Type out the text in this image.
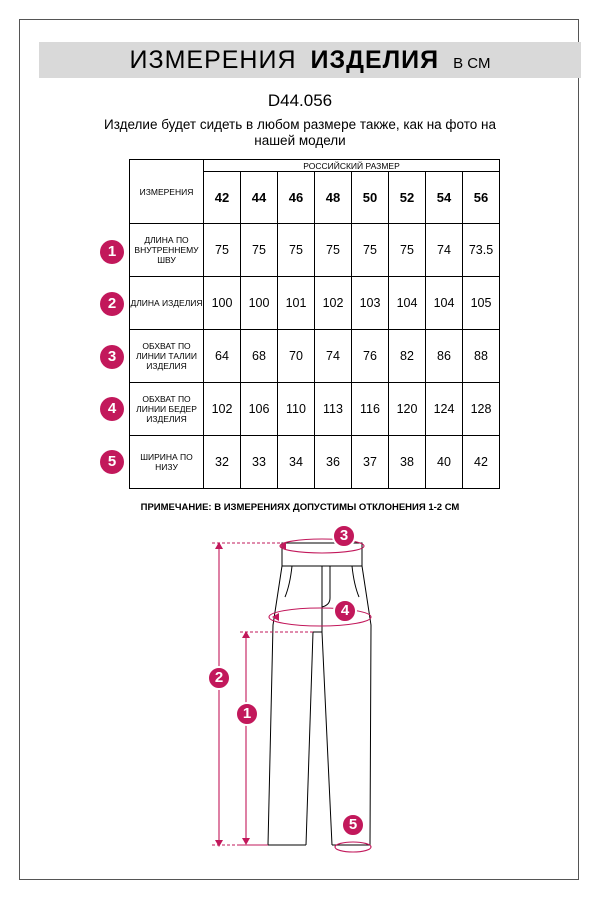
ИЗМЕРЕНИЯ ИЗДЕЛИЯ В СМ
D44.056
Изделие будет сидеть в любом размере также, как на фото на нашей модели
ИЗМЕРЕНИЯ	РОССИЙСКИЙ РАЗМЕР							
	42	44	46	48	50	52	54	56
ДЛИНА ПО ВНУТРЕННЕМУ ШВУ	75	75	75	75	75	75	74	73.5
ДЛИНА ИЗДЕЛИЯ	100	100	101	102	103	104	104	105
ОБХВАТ ПО ЛИНИИ ТАЛИИ ИЗДЕЛИЯ	64	68	70	74	76	82	86	88
ОБХВАТ ПО ЛИНИИ БЕДЕР ИЗДЕЛИЯ	102	106	110	113	116	120	124	128
ШИРИНА ПО НИЗУ	32	33	34	36	37	38	40	42
1
2
3
4
5
ПРИМЕЧАНИЕ: В ИЗМЕРЕНИЯХ ДОПУСТИМЫ ОТКЛОНЕНИЯ 1-2 СМ
3
4
2
1
5
